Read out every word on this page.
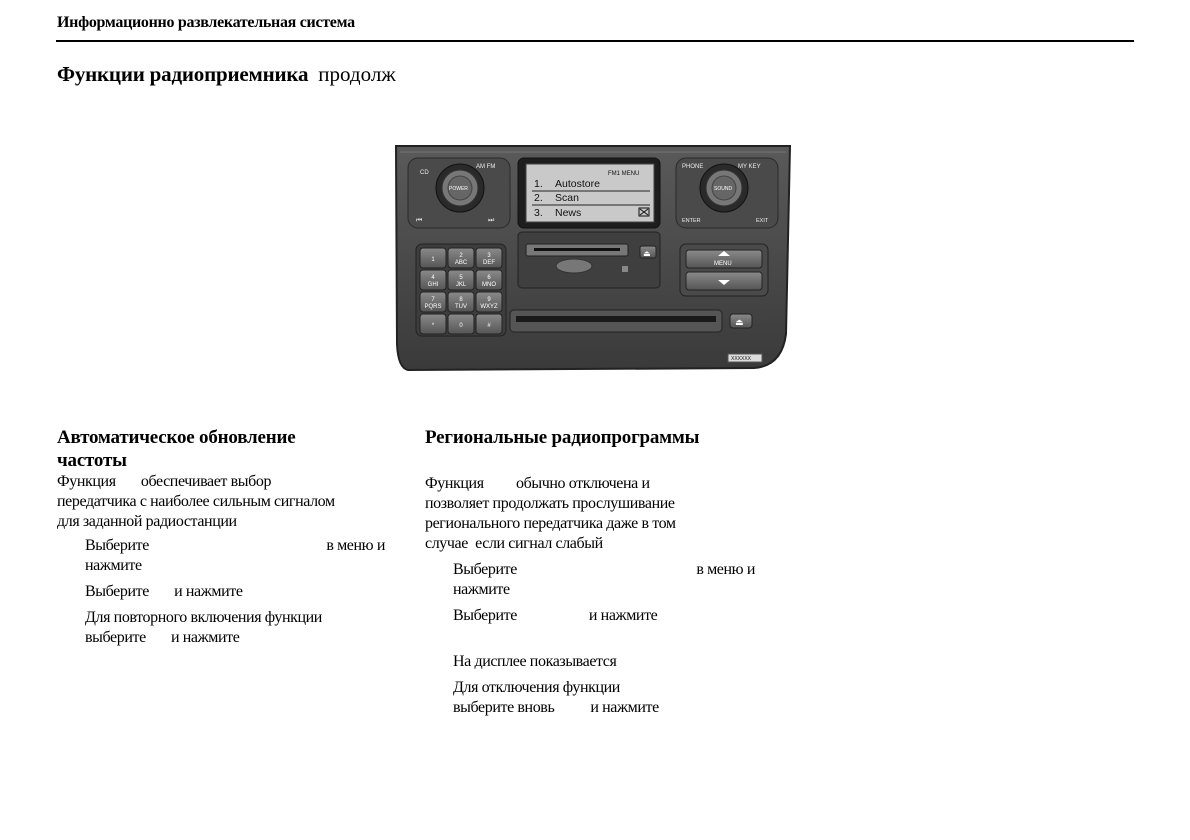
Информационно развлекательная система
Функции радиоприемника продолж
CD
AM FM
POWER
⏮	⏭
FM1 MENU
1. Autostore
2. Scan
3. News
PHONE	MY KEY
SOUND
ENTER	EXIT
1
2
ABC
3
DEF
4
GHI
5
JKL
6
MNO
7
PQRS
8
TUV
9
WXYZ
*	0	#
⏏
MENU
⏏
XXXXXX
Автоматическое обновление
частоты
Функция       обеспечивает выбор
передатчика с наиболее сильным сигналом
для заданной радиостанции
Выберите	в меню и
нажмите
Выберите       и нажмите
Для повторного включения функции
выберите       и нажмите
Региональные радиопрограммы
Функция         обычно отключена и
позволяет продолжать прослушивание
регионального передатчика даже в том
случае  если сигнал слабый
Выберите	в меню и
нажмите
Выберите                    и нажмите
На дисплее показывается
Для отключения функции
выберите вновь          и нажмите
